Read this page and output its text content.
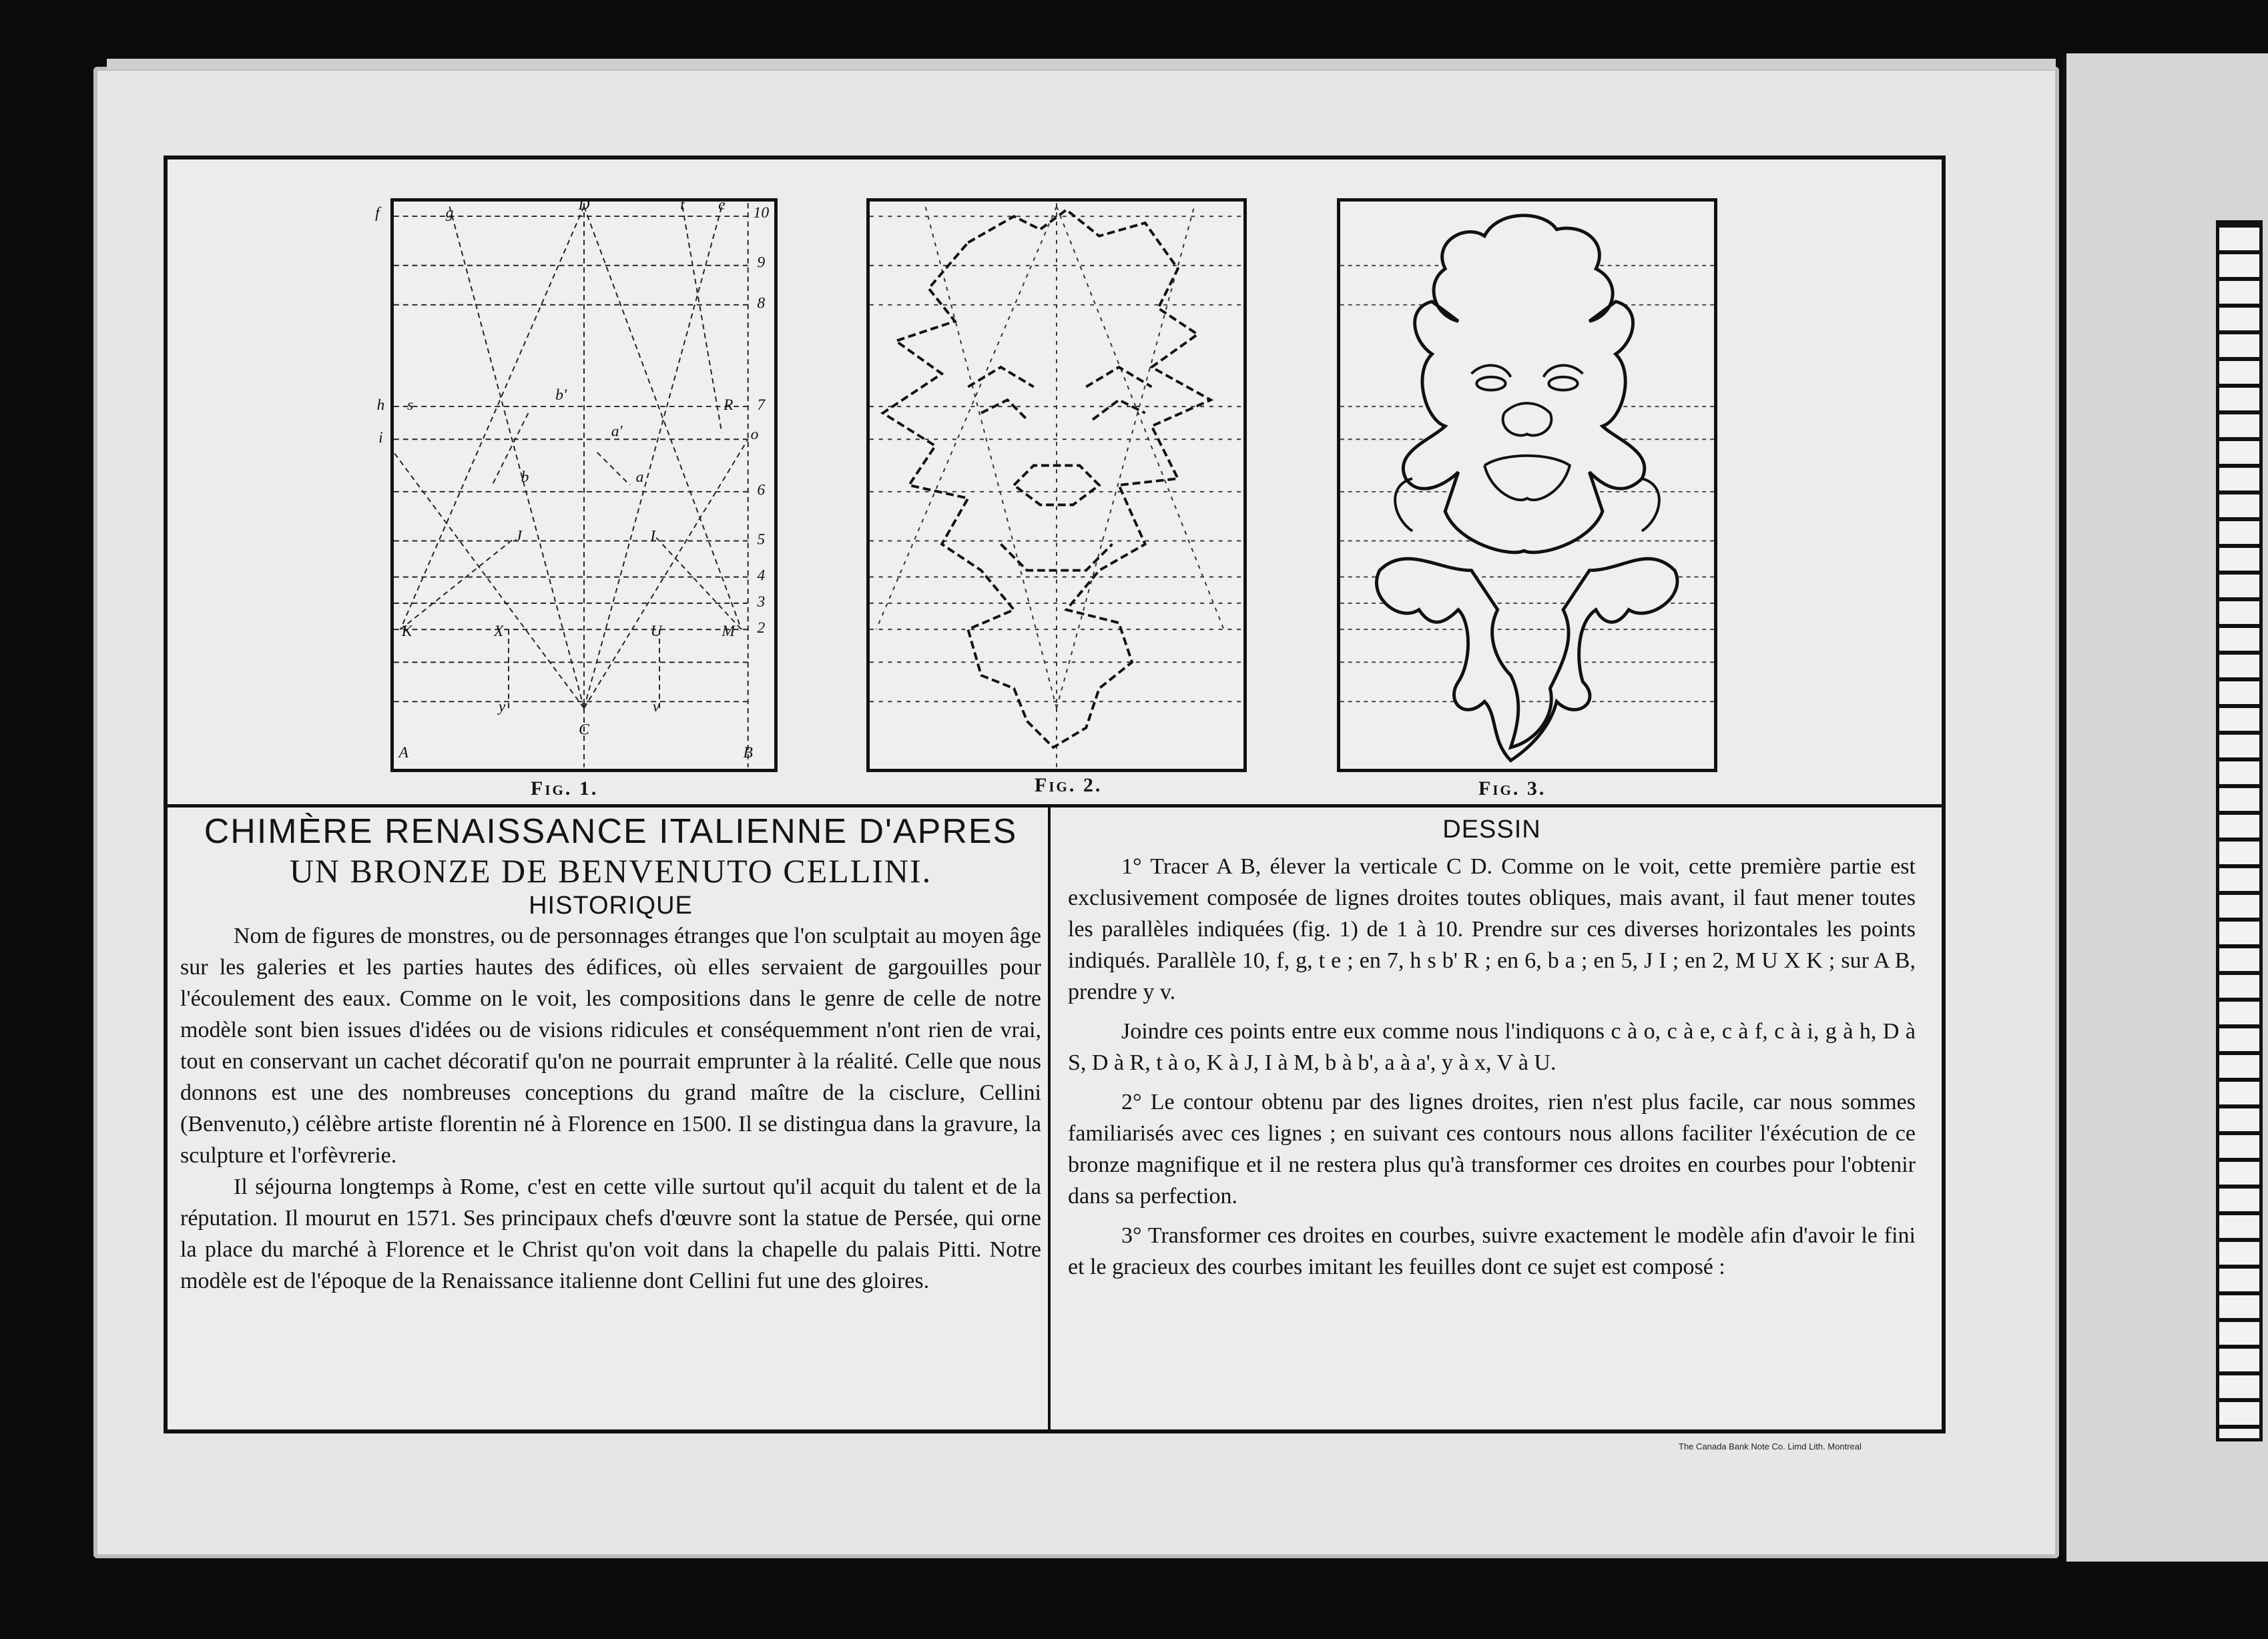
f	g	D	t e 10
9
8
7
6
5
4
3
2
h s
b'
R
o
i	a'
b	a
J	I
K	X	U	M
y	v
A
C
B
Fig. 1.	Fig. 2.	Fig. 3.
CHIMÈRE RENAISSANCE ITALIENNE D'APRES
UN BRONZE DE BENVENUTO CELLINI.
HISTORIQUE

Nom de figures de monstres, ou de personnages étranges que l'on sculptait au moyen âge sur les galeries et les parties hautes des édifices, où elles servaient de gargouilles pour l'écoulement des eaux. Comme on le voit, les compositions dans le genre de celle de notre modèle sont bien issues d'idées ou de visions ridicules et conséquemment n'ont rien de vrai, tout en conservant un cachet décoratif qu'on ne pourrait emprunter à la réalité. Celle que nous donnons est une des nombreuses conceptions du grand maître de la cisclure, Cellini (Benvenuto,) célèbre artiste florentin né à Florence en 1500. Il se distingua dans la gravure, la sculpture et l'orfèvrerie.

Il séjourna longtemps à Rome, c'est en cette ville surtout qu'il acquit du talent et de la réputation. Il mourut en 1571. Ses principaux chefs d'œuvre sont la statue de Persée, qui orne la place du marché à Florence et le Christ qu'on voit dans la chapelle du palais Pitti. Notre modèle est de l'époque de la Renaissance italienne dont Cellini fut une des gloires.

DESSIN

1° Tracer A B, élever la verticale C D. Comme on le voit, cette première partie est exclusivement composée de lignes droites toutes obliques, mais avant, il faut mener toutes les parallèles indiquées (fig. 1) de 1 à 10. Prendre sur ces diverses horizontales les points indiqués. Parallèle 10, f, g, t e ; en 7, h s b' R ; en 6, b a ; en 5, J I ; en 2, M U X K ; sur A B, prendre y v.

Joindre ces points entre eux comme nous l'indiquons c à o, c à e, c à f, c à i, g à h, D à S, D à R, t à o, K à J, I à M, b à b', a à a', y à x, V à U.

2° Le contour obtenu par des lignes droites, rien n'est plus facile, car nous sommes familiarisés avec ces lignes ; en suivant ces contours nous allons faciliter l'éxécution de ce bronze magnifique et il ne restera plus qu'à transformer ces droites en courbes pour l'obtenir dans sa perfection.

3° Transformer ces droites en courbes, suivre exactement le modèle afin d'avoir le fini et le gracieux des courbes imitant les feuilles dont ce sujet est composé :

The Canada Bank Note Co. Limd Lith. Montreal
